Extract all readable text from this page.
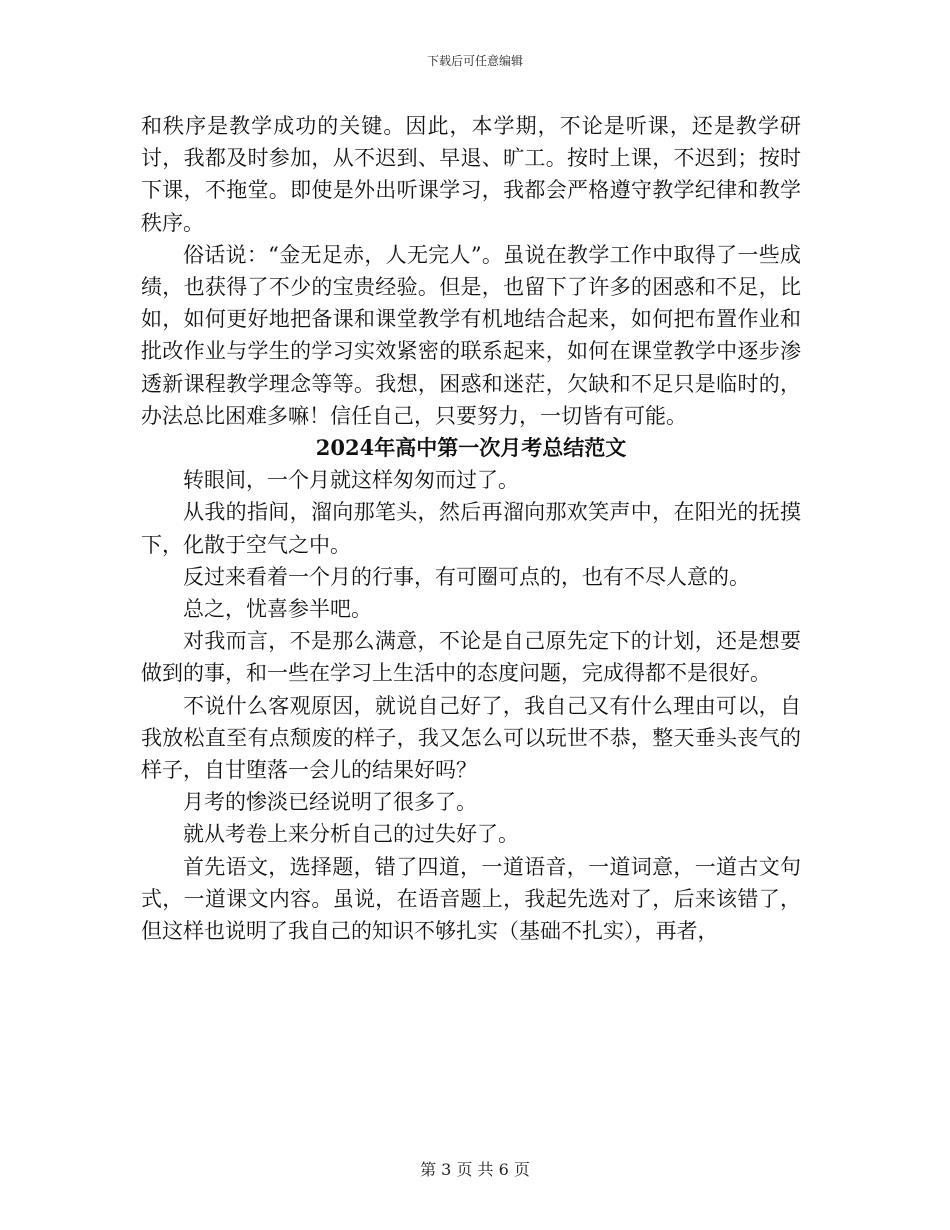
下载后可任意编辑

和秩序是教学成功的关键。因此，本学期，不论是听课，还是教学研讨，我都及时参加，从不迟到、早退、旷工。按时上课，不迟到；按时下课，不拖堂。即使是外出听课学习，我都会严格遵守教学纪律和教学秩序。

俗话说：“金无足赤，人无完人”。虽说在教学工作中取得了一些成绩，也获得了不少的宝贵经验。但是，也留下了许多的困惑和不足，比如，如何更好地把备课和课堂教学有机地结合起来，如何把布置作业和批改作业与学生的学习实效紧密的联系起来，如何在课堂教学中逐步渗透新课程教学理念等等。我想，困惑和迷茫，欠缺和不足只是临时的，办法总比困难多嘛！信任自己，只要努力，一切皆有可能。

2024年高中第一次月考总结范文

转眼间，一个月就这样匆匆而过了。

从我的指间，溜向那笔头，然后再溜向那欢笑声中，在阳光的抚摸下，化散于空气之中。

反过来看着一个月的行事，有可圈可点的，也有不尽人意的。

总之，忧喜参半吧。

对我而言，不是那么满意，不论是自己原先定下的计划，还是想要做到的事，和一些在学习上生活中的态度问题，完成得都不是很好。

不说什么客观原因，就说自己好了，我自己又有什么理由可以，自我放松直至有点颓废的样子，我又怎么可以玩世不恭，整天垂头丧气的样子，自甘堕落一会儿的结果好吗？

月考的惨淡已经说明了很多了。

就从考卷上来分析自己的过失好了。

首先语文，选择题，错了四道，一道语音，一道词意，一道古文句式，一道课文内容。虽说，在语音题上，我起先选对了，后来该错了，但这样也说明了我自己的知识不够扎实（基础不扎实），再者，

第 3 页 共 6 页
